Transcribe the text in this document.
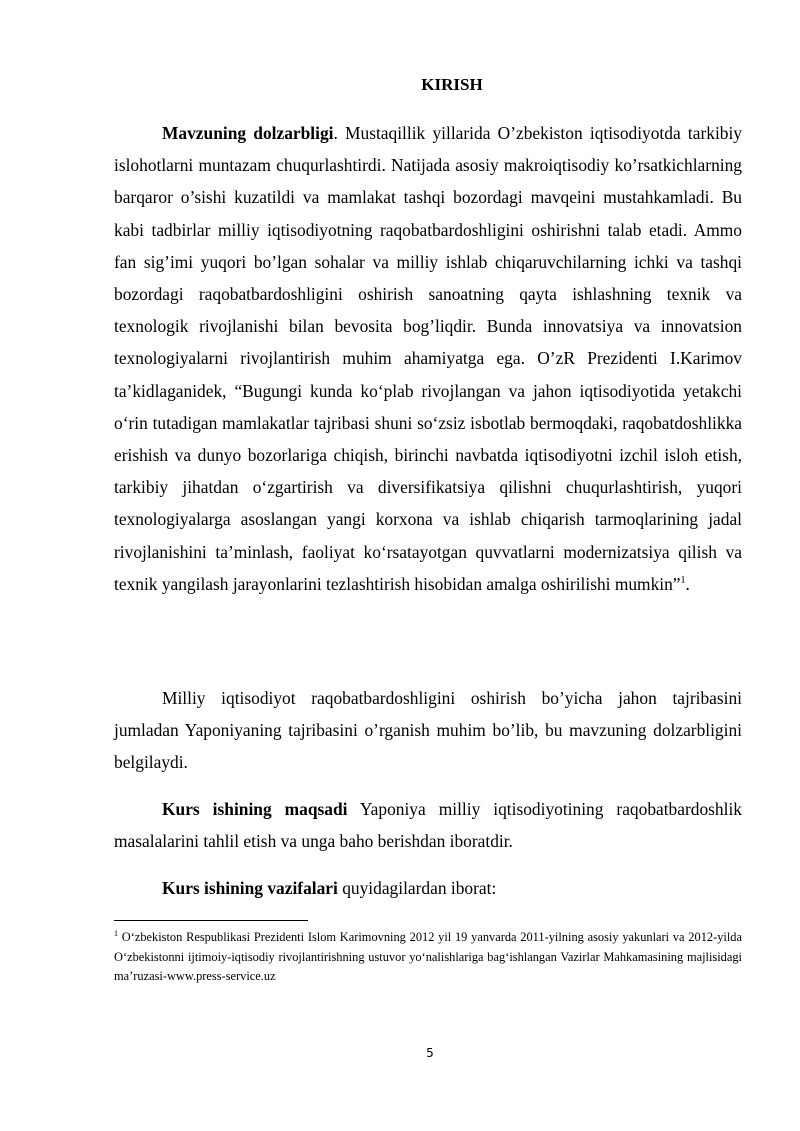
KIRISH
Mavzuning dolzarbligi. Mustaqillik yillarida O’zbekiston iqtisodiyotda tarkibiy islohotlarni muntazam chuqurlashtirdi. Natijada asosiy makroiqtisodiy ko’rsatkichlarning barqaror o’sishi kuzatildi va mamlakat tashqi bozordagi mavqeini mustahkamladi. Bu kabi tadbirlar milliy iqtisodiyotning raqobatbardoshligini oshirishni talab etadi. Ammo fan sig’imi yuqori bo’lgan sohalar va milliy ishlab chiqaruvchilarning ichki va tashqi bozordagi raqobatbardoshligini oshirish sanoatning qayta ishlashning texnik va texnologik rivojlanishi bilan bevosita bog’liqdir. Bunda innovatsiya va innovatsion texnologiyalarni rivojlantirish muhim ahamiyatga ega. O’zR Prezidenti I.Karimov ta’kidlaganidek, “Bugungi kunda ko‘plab rivojlangan va jahon iqtisodiyotida yetakchi o‘rin tutadigan mamlakatlar tajribasi shuni so‘zsiz isbotlab bermoqdaki, raqobatdoshlikka erishish va dunyo bozorlariga chiqish, birinchi navbatda iqtisodiyotni izchil isloh etish, tarkibiy jihatdan o‘zgartirish va diversifikatsiya qilishni chuqurlashtirish, yuqori texnologiyalarga asoslangan yangi korxona va ishlab chiqarish tarmoqlarining jadal rivojlanishini ta’minlash, faoliyat ko‘rsatayotgan quvvatlarni modernizatsiya qilish va texnik yangilash jarayonlarini tezlashtirish hisobidan amalga oshirilishi mumkin”$^1$.
Milliy iqtisodiyot raqobatbardoshligini oshirish bo’yicha jahon tajribasini jumladan Yaponiyaning tajribasini o’rganish muhim bo’lib, bu mavzuning dolzarbligini belgilaydi.
Kurs ishining maqsadi Yaponiya milliy iqtisodiyotining raqobatbardoshlik masalalarini tahlil etish va unga baho berishdan iboratdir.
Kurs ishining vazifalari quyidagilardan iborat:
$^1$ O‘zbekiston Respublikasi Prezidenti Islom Karimovning 2012 yil 19 yanvarda 2011-yilning asosiy yakunlari va 2012-yilda O‘zbekistonni ijtimoiy-iqtisodiy rivojlantirishning ustuvor yo‘nalishlariga bag‘ishlangan Vazirlar Mahkamasining majlisidagi ma’ruzasi-www.press-service.uz
5
